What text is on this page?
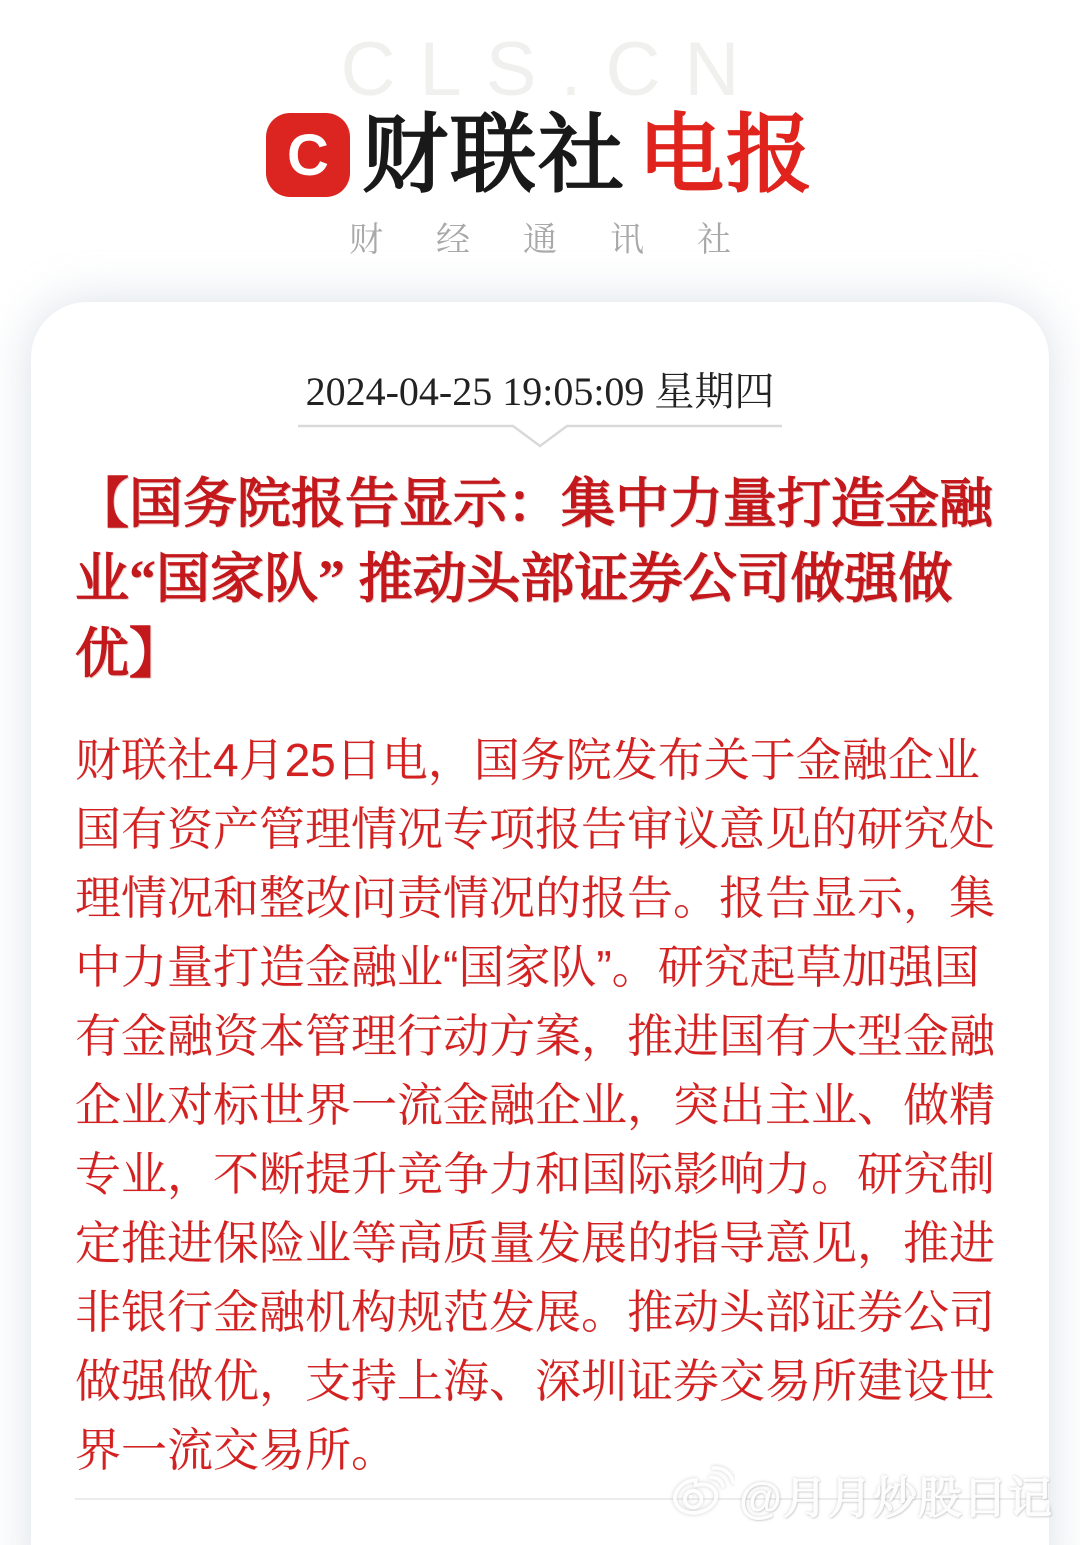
CLS.CN
C 财联社 电报
财经通讯社
2024-04-25 19:05:09 星期四
【国务院报告显示：集中力量打造金融业“国家队” 推动头部证券公司做强做优】

财联社4月25日电，国务院发布关于金融企业国有资产管理情况专项报告审议意见的研究处理情况和整改问责情况的报告。报告显示，集中力量打造金融业“国家队”。研究起草加强国有金融资本管理行动方案，推进国有大型金融企业对标世界一流金融企业，突出主业、做精专业，不断提升竞争力和国际影响力。研究制定推进保险业等高质量发展的指导意见，推进非银行金融机构规范发展。推动头部证券公司做强做优，支持上海、深圳证券交易所建设世界一流交易所。

@月月炒股日记
